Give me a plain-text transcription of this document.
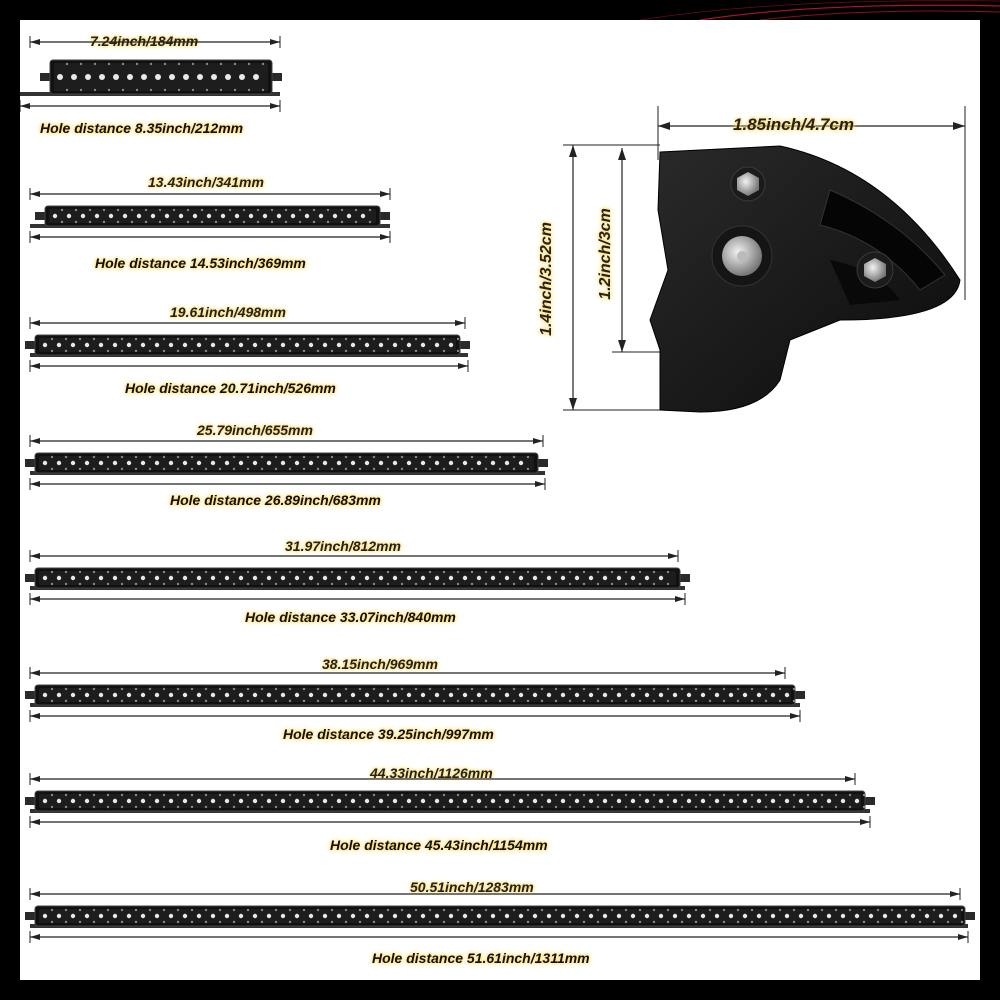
7.24inch/184mm
Hole distance 8.35inch/212mm
13.43inch/341mm
Hole distance 14.53inch/369mm
19.61inch/498mm
Hole distance 20.71inch/526mm
25.79inch/655mm
Hole distance 26.89inch/683mm
31.97inch/812mm
Hole distance 33.07inch/840mm
38.15inch/969mm
Hole distance 39.25inch/997mm
44.33inch/1126mm
Hole distance 45.43inch/1154mm
50.51inch/1283mm
Hole distance 51.61inch/1311mm
1.85inch/4.7cm
1.4inch/3.52cm	1.2inch/3cm
